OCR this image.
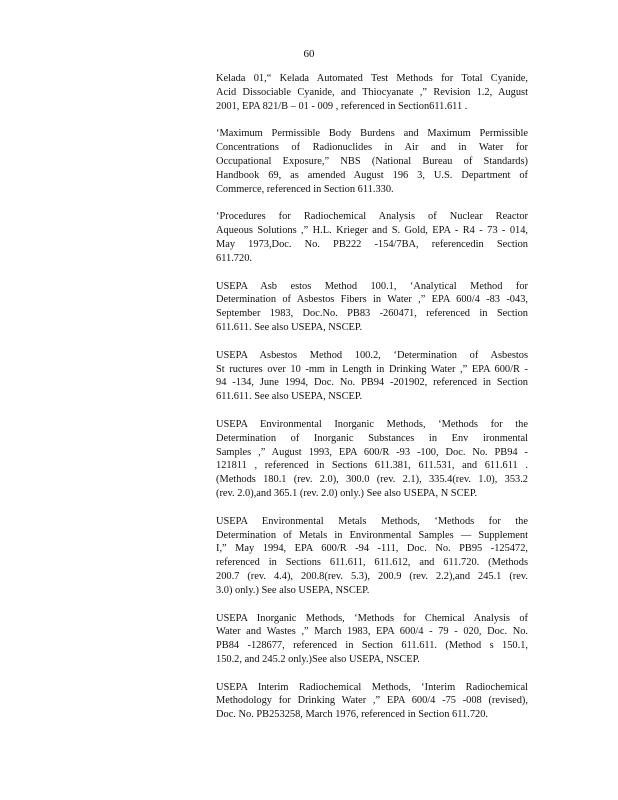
60
Kelada 01,“ Kelada Automated Test Methods for Total Cyanide,
Acid Dissociable Cyanide, and Thiocyanate ,” Revision 1.2, August
2001, EPA 821/B – 01 - 009 , referenced in Section611.611 .
‘Maximum Permissible Body Burdens and Maximum Permissible
Concentrations of Radionuclides in Air and in Water for
Occupational Exposure,” NBS (National Bureau of Standards)
Handbook 69, as amended August 196 3, U.S. Department of
Commerce, referenced in Section 611.330.
‘Procedures for Radiochemical Analysis of Nuclear Reactor
Aqueous Solutions ,” H.L. Krieger and S. Gold, EPA - R4 - 73 - 014,
May 1973,Doc. No. PB222 -154/7BA, referencedin Section
611.720.
USEPA Asb estos Method 100.1, ‘Analytical Method for
Determination of Asbestos Fibers in Water ,” EPA 600/4 -83 -043,
September 1983, Doc.No. PB83 -260471, referenced in Section
611.611. See also USEPA, NSCEP.
USEPA Asbestos Method 100.2, ‘Determination of Asbestos
St ructures over 10 -mm in Length in Drinking Water ,” EPA 600/R -
94 -134, June 1994, Doc. No. PB94 -201902, referenced in Section
611.611. See also USEPA, NSCEP.
USEPA Environmental Inorganic Methods, ‘Methods for the
Determination of Inorganic Substances in Env ironmental
Samples ,” August 1993, EPA 600/R -93 -100, Doc. No. PB94 -
121811 , referenced in Sections 611.381, 611.531, and 611.611 .
(Methods 180.1 (rev. 2.0), 300.0 (rev. 2.1), 335.4(rev. 1.0), 353.2
(rev. 2.0),and 365.1 (rev. 2.0) only.) See also USEPA, N SCEP.
USEPA Environmental Metals Methods, ‘Methods for the
Determination of Metals in Environmental Samples — Supplement
I,” May 1994, EPA 600/R -94 -111, Doc. No. PB95 -125472,
referenced in Sections 611.611, 611.612, and 611.720. (Methods
200.7 (rev. 4.4), 200.8(rev. 5.3), 200.9 (rev. 2.2),and 245.1 (rev.
3.0) only.) See also USEPA, NSCEP.
USEPA Inorganic Methods, ‘Methods for Chemical Analysis of
Water and Wastes ,” March 1983, EPA 600/4 - 79 - 020, Doc. No.
PB84 -128677, referenced in Section 611.611. (Method s 150.1,
150.2, and 245.2 only.)See also USEPA, NSCEP.
USEPA Interim Radiochemical Methods, ‘Interim Radiochemical
Methodology for Drinking Water ,” EPA 600/4 -75 -008 (revised),
Doc. No. PB253258, March 1976, referenced in Section 611.720.
